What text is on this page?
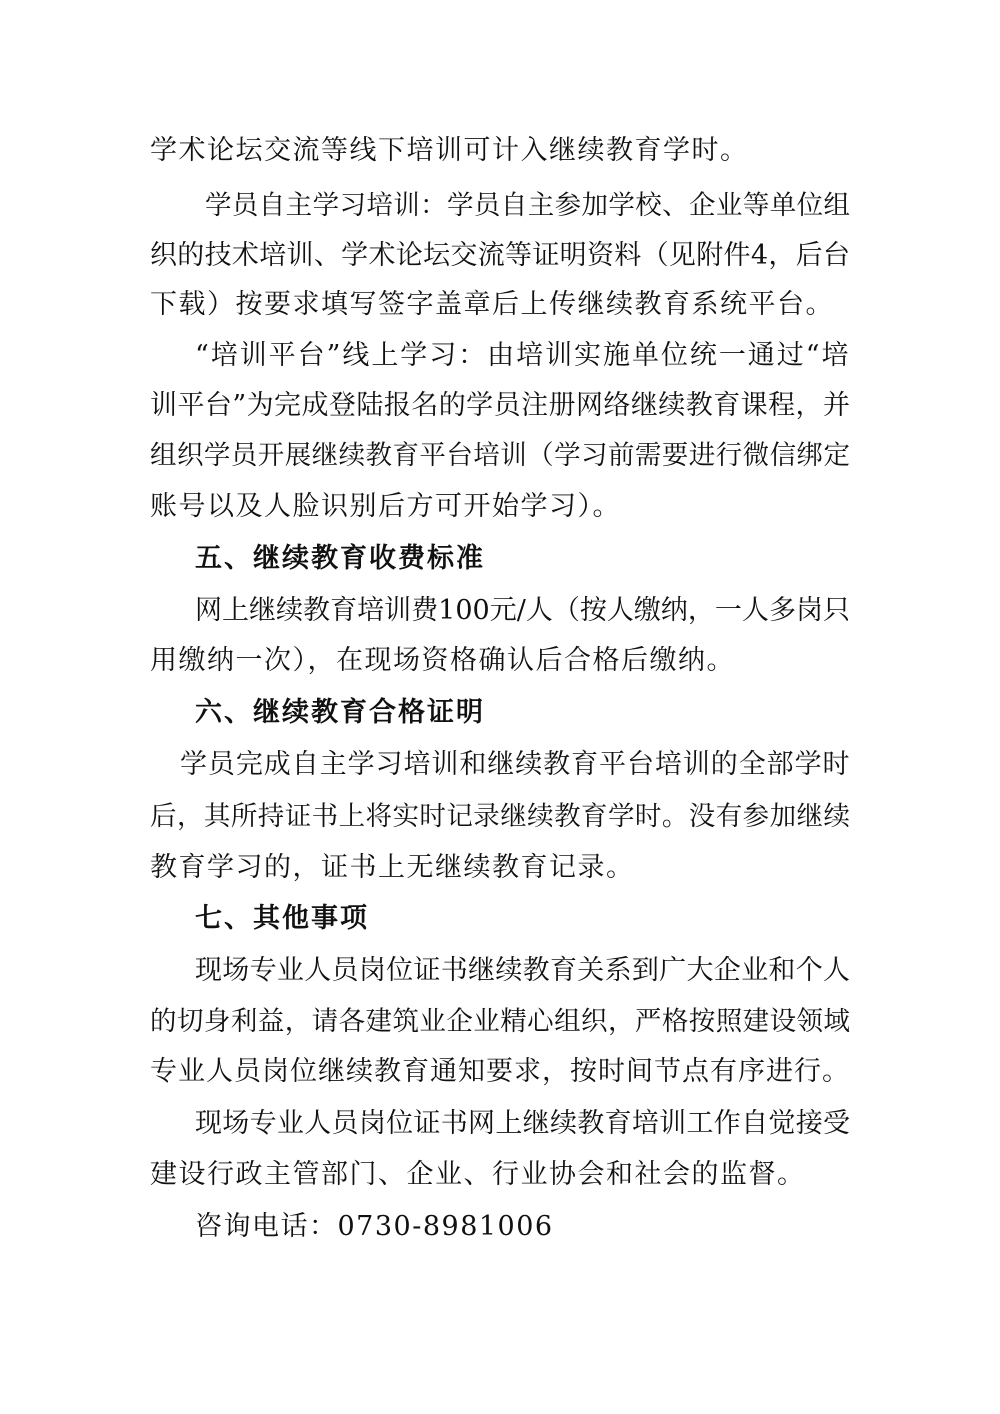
学术论坛交流等线下培训可计入继续教育学时。
学员自主学习培训：学员自主参加学校、企业等单位组
织的技术培训、学术论坛交流等证明资料（见附件4，后台
下载）按要求填写签字盖章后上传继续教育系统平台。
“培训平台”线上学习：由培训实施单位统一通过“培
训平台”为完成登陆报名的学员注册网络继续教育课程，并
组织学员开展继续教育平台培训（学习前需要进行微信绑定
账号以及人脸识别后方可开始学习）。
五、继续教育收费标准
网上继续教育培训费100元/人（按人缴纳，一人多岗只
用缴纳一次），在现场资格确认后合格后缴纳。
六、继续教育合格证明
学员完成自主学习培训和继续教育平台培训的全部学时
后，其所持证书上将实时记录继续教育学时。没有参加继续
教育学习的，证书上无继续教育记录。
七、其他事项
现场专业人员岗位证书继续教育关系到广大企业和个人
的切身利益，请各建筑业企业精心组织，严格按照建设领域
专业人员岗位继续教育通知要求，按时间节点有序进行。
现场专业人员岗位证书网上继续教育培训工作自觉接受
建设行政主管部门、企业、行业协会和社会的监督。
咨询电话：0730-8981006
